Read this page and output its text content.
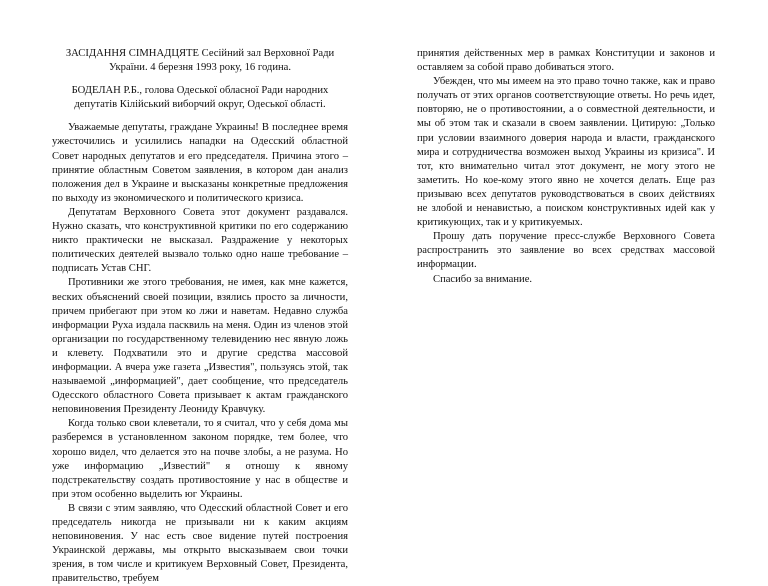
ЗАСІДАННЯ СІМНАДЦЯТЕ Сесійний зал Верховної Ради України. 4 березня 1993 року, 16 година.

БОДЕЛАН Р.Б., голова Одеської обласної Ради народних депутатів Кілійський виборчий округ, Одеської області.

Уважаемые депутаты, граждане Украины! В последнее время ужесточились и усилились нападки на Одесский областной Совет народных депутатов и его председателя. Причина этого – принятие областным Советом заявления, в котором дан анализ положения дел в Украине и высказаны конкретные предложения по выходу из экономического и политического кризиса.

Депутатам Верховного Совета этот документ раздавался. Нужно сказать, что конструктивной критики по его содержанию никто практически не высказал. Раздражение у некоторых политических деятелей вызвало только одно наше требование – подписать Устав СНГ.

Противники же этого требования, не имея, как мне кажется, веских объяснений своей позиции, взялись просто за личности, причем прибегают при этом ко лжи и наветам. Недавно служба информации Руха издала пасквиль на меня. Один из членов этой организации по государственному телевидению нес явную ложь и клевету. Подхватили это и другие средства массовой информации. А вчера уже газета „Известия", пользуясь этой, так называемой „информацией", дает сообщение, что председатель Одесского областного Совета призывает к актам гражданского неповиновения Президенту Леониду Кравчуку.

Когда только свои клеветали, то я считал, что у себя дома мы разберемся в установленном законом порядке, тем более, что хорошо видел, что делается это на почве злобы, а не разума. Но уже информацию „Известий" я отношу к явному подстрекательству создать противостояние у нас в обществе и при этом особенно выделить юг Украины.

В связи с этим заявляю, что Одесский областной Совет и его председатель никогда не призывали ни к каким акциям неповиновения. У нас есть свое видение путей построения Украинской державы, мы открыто высказываем свои точки зрения, в том числе и критикуем Верховный Совет, Президента, правительство, требуем

принятия действенных мер в рамках Конституции и законов и оставляем за собой право добиваться этого.

Убежден, что мы имеем на это право точно также, как и право получать от этих органов соответствующие ответы. Но речь идет, повторяю, не о противостоянии, а о совместной деятельности, и мы об этом так и сказали в своем заявлении. Цитирую: „Только при условии взаимного доверия народа и власти, гражданского мира и сотрудничества возможен выход Украины из кризиса". И тот, кто внимательно читал этот документ, не могу этого не заметить. Но кое-кому этого явно не хочется делать. Еще раз призываю всех депутатов руководствоваться в своих действиях не злобой и ненавистью, а поиском конструктивных идей как у критикующих, так и у критикуемых.

Прошу дать поручение пресс-службе Верховного Совета распространить это заявление во всех средствах массовой информации.

Спасибо за внимание.
